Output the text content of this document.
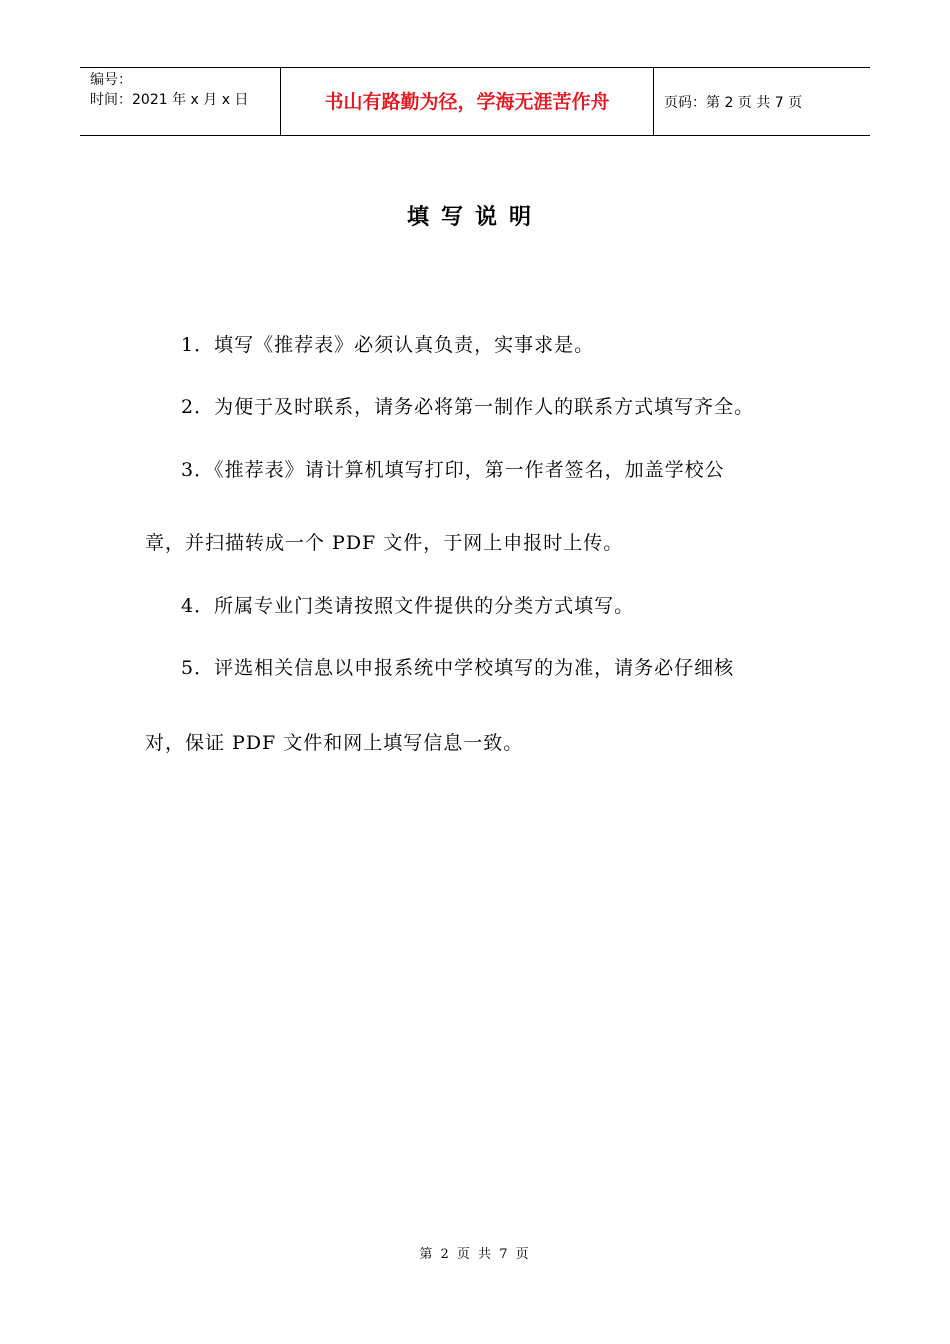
编号：
时间：2021 年 x 月 x 日	书山有路勤为径，学海无涯苦作舟	页码：第 2 页 共 7 页
填写说明
1．填写《推荐表》必须认真负责，实事求是。
2．为便于及时联系，请务必将第一制作人的联系方式填写齐全。
3．《推荐表》请计算机填写打印，第一作者签名，加盖学校公
章，并扫描转成一个 PDF 文件，于网上申报时上传。
4．所属专业门类请按照文件提供的分类方式填写。
5．评选相关信息以申报系统中学校填写的为准，请务必仔细核
对，保证 PDF 文件和网上填写信息一致。
第 2 页 共 7 页
